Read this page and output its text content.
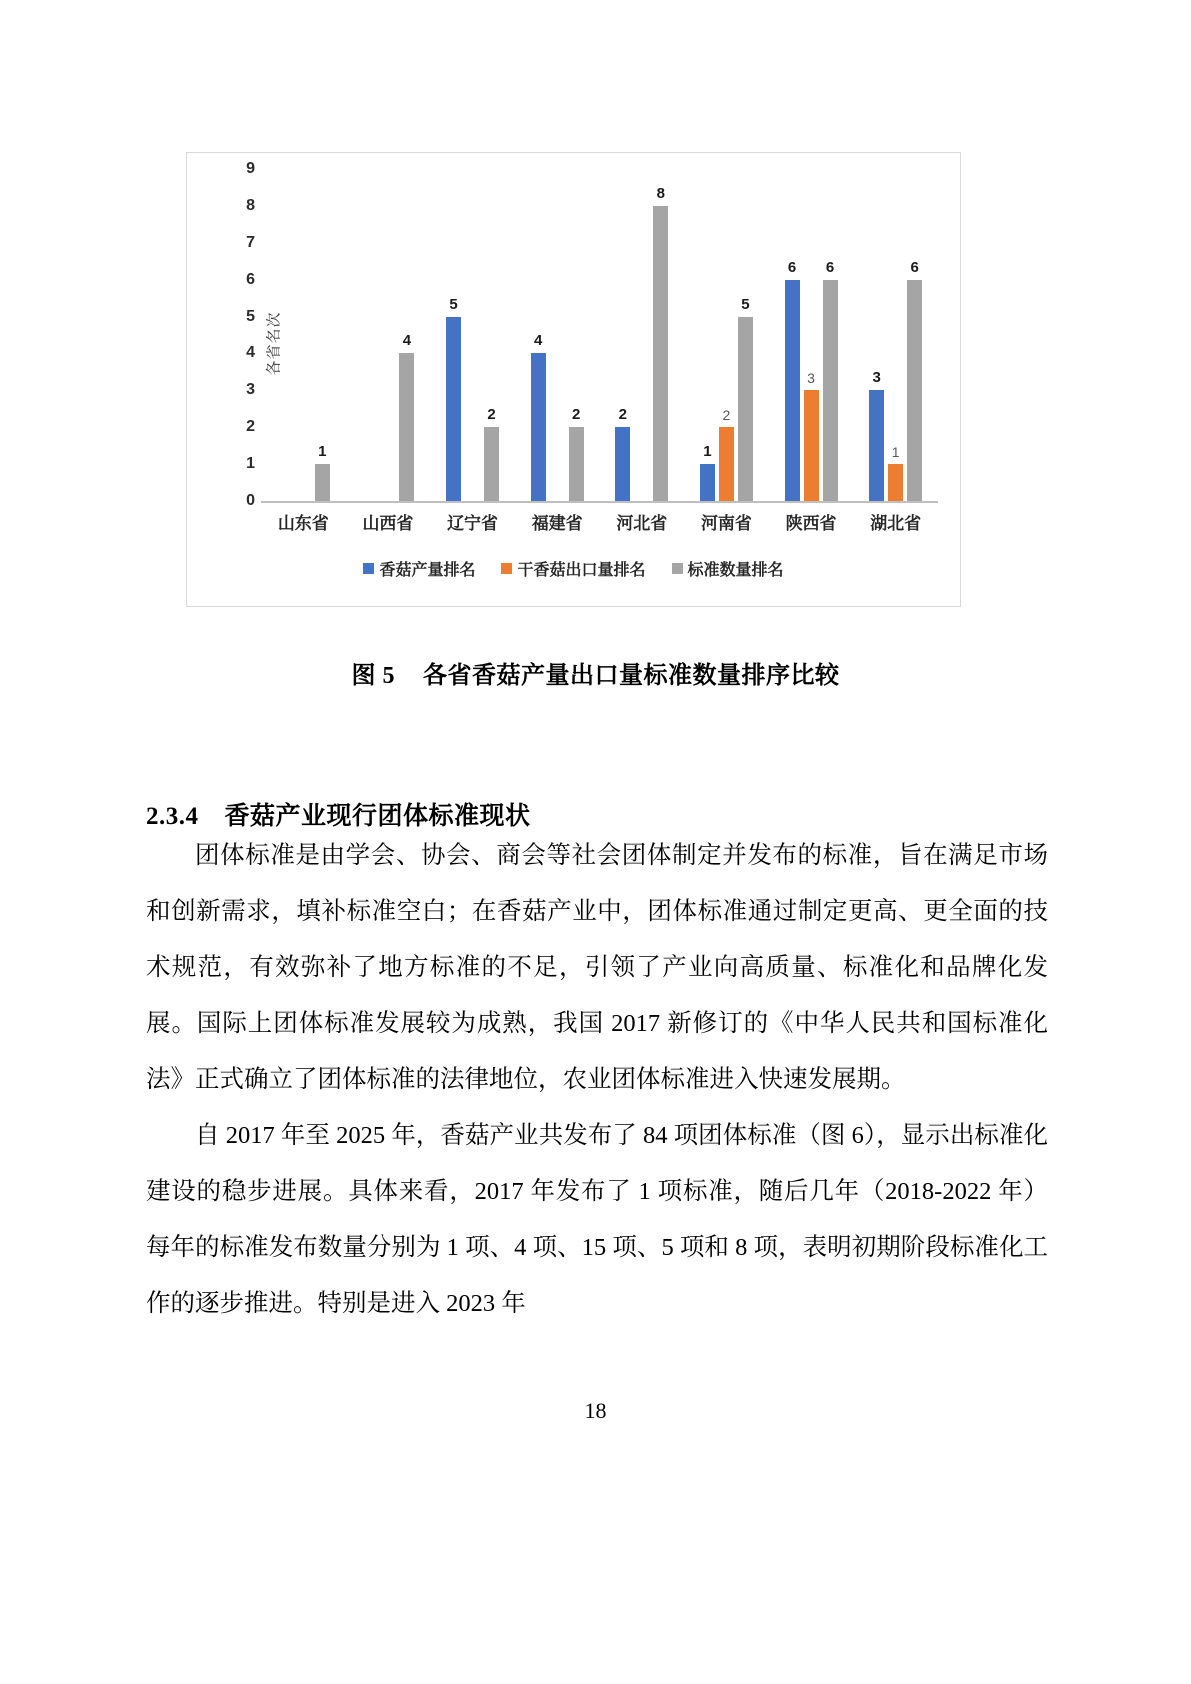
各省名次
0
1
2
3
4
5
6
7
8
9
1
4
5
2
4
2	2
8
1
2
5
6
3
6
3
1
6
山东省	山西省	辽宁省	福建省	河北省	河南省	陕西省	湖北省
香菇产量排名	干香菇出口量排名	标准数量排名
图 5 各省香菇产量出口量标准数量排序比较
2.3.4 香菇产业现行团体标准现状

团体标准是由学会、协会、商会等社会团体制定并发布的标准，旨在满足市场和创新需求，填补标准空白；在香菇产业中，团体标准通过制定更高、更全面的技术规范，有效弥补了地方标准的不足，引领了产业向高质量、标准化和品牌化发展。国际上团体标准发展较为成熟，我国 2017 新修订的《中华人民共和国标准化法》正式确立了团体标准的法律地位，农业团体标准进入快速发展期。

自 2017 年至 2025 年，香菇产业共发布了 84 项团体标准（图 6），显示出标准化建设的稳步进展。具体来看，2017 年发布了 1 项标准，随后几年（2018-2022 年）每年的标准发布数量分别为 1 项、4 项、15 项、5 项和 8 项，表明初期阶段标准化工作的逐步推进。特别是进入 2023 年

18
